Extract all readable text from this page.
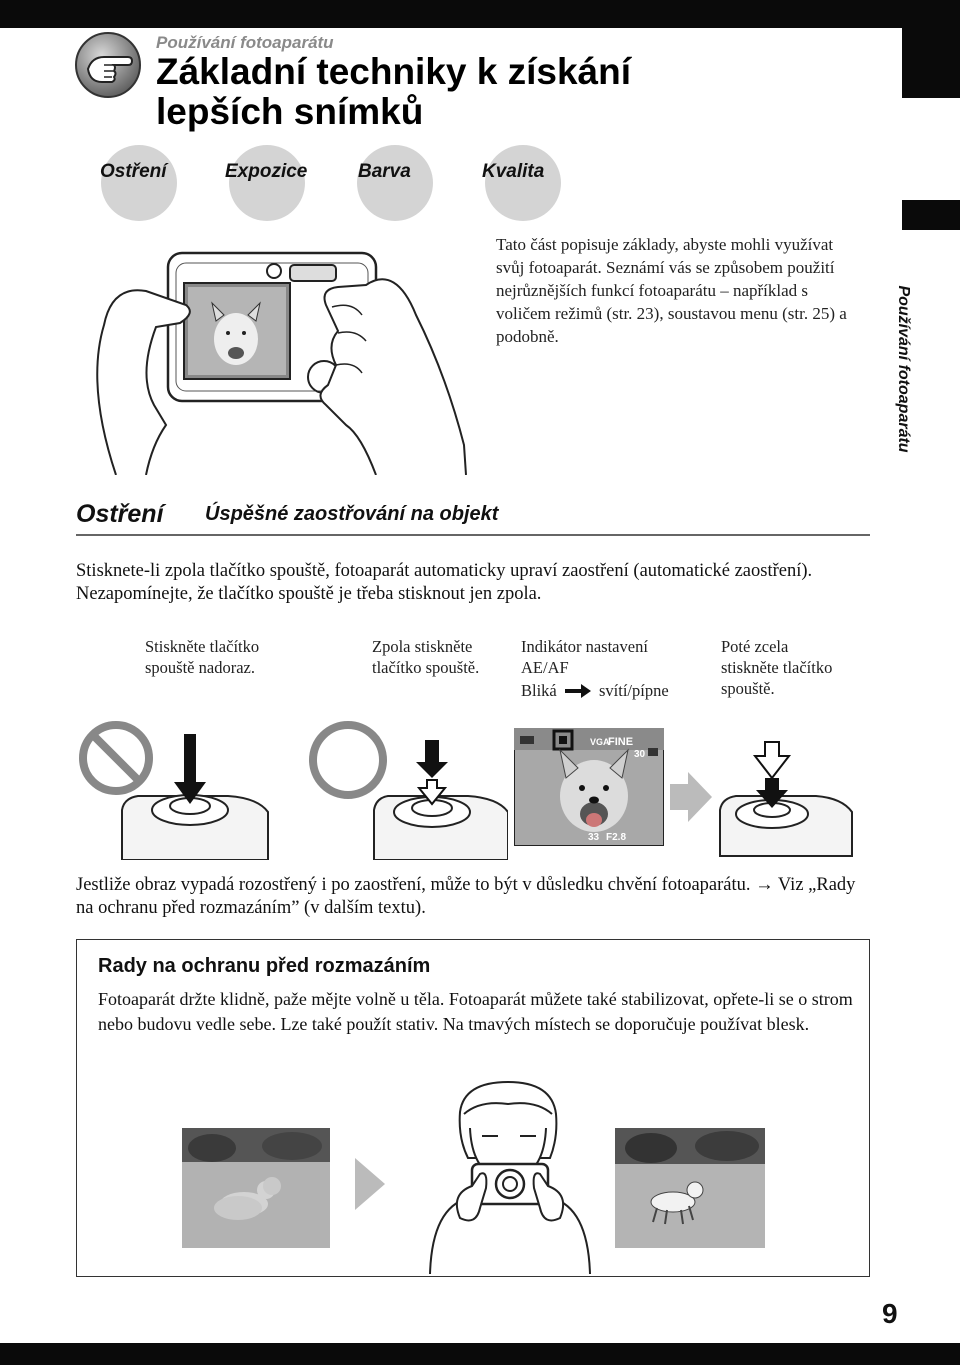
Používání fotoaparátu
Základní techniky k získání
lepších snímků
Ostření	Expozice	Barva	Kvalita
Tato část popisuje základy, abyste mohli využívat svůj fotoaparát. Seznámí vás se způsobem použití nejrůznějších funkcí fotoaparátu – například s voličem režimů (str. 23), soustavou menu (str. 25) a podobně.	Používání fotoaparátu
Ostření Úspěšné zaostřování na objekt
Stisknete-li zpola tlačítko spouště, fotoaparát automaticky upraví zaostření (automatické zaostření). Nezapomínejte, že tlačítko spouště je třeba stisknout jen zpola.
Stiskněte tlačítko
spouště nadoraz.
Zpola stiskněte
tlačítko spouště.
Indikátor nastavení
AE/AF
Bliká	svítí/pípne
Poté zcela
stiskněte tlačítko
spouště.
VGA
FINE
30
33 F2.8
Jestliže obraz vypadá rozostřený i po zaostření, může to být v důsledku chvění fotoaparátu. → Viz „Rady na ochranu před rozmazáním” (v dalším textu).
Rady na ochranu před rozmazáním
Fotoaparát držte klidně, paže mějte volně u těla. Fotoaparát můžete také stabilizovat, opřete-li se o strom nebo budovu vedle sebe. Lze také použít stativ. Na tmavých místech se doporučuje používat blesk.
9
